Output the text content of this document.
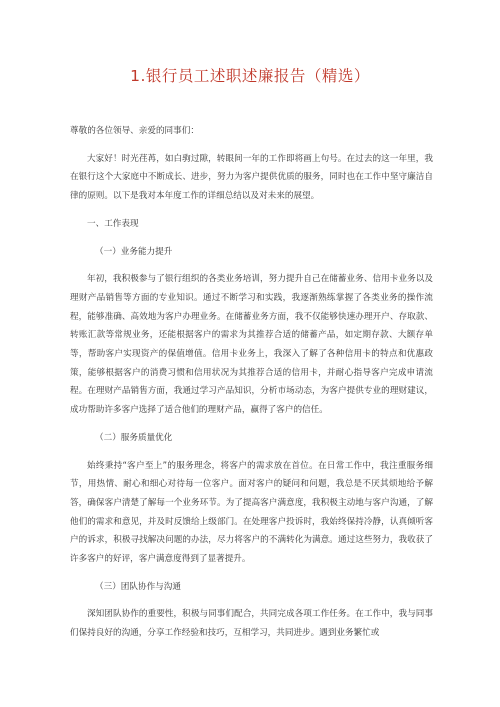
1.银行员工述职述廉报告（精选）

尊敬的各位领导、亲爱的同事们：

大家好！时光荏苒，如白驹过隙，转眼间一年的工作即将画上句号。在过去的这一年里，我在银行这个大家庭中不断成长、进步，努力为客户提供优质的服务，同时也在工作中坚守廉洁自律的原则。以下是我对本年度工作的详细总结以及对未来的展望。

一、工作表现

（一）业务能力提升

年初，我积极参与了银行组织的各类业务培训，努力提升自己在储蓄业务、信用卡业务以及理财产品销售等方面的专业知识。通过不断学习和实践，我逐渐熟练掌握了各类业务的操作流程，能够准确、高效地为客户办理业务。在储蓄业务方面，我不仅能够快速办理开户、存取款、转账汇款等常规业务，还能根据客户的需求为其推荐合适的储蓄产品，如定期存款、大额存单等，帮助客户实现资产的保值增值。信用卡业务上，我深入了解了各种信用卡的特点和优惠政策，能够根据客户的消费习惯和信用状况为其推荐合适的信用卡，并耐心指导客户完成申请流程。在理财产品销售方面，我通过学习产品知识，分析市场动态，为客户提供专业的理财建议，成功帮助许多客户选择了适合他们的理财产品，赢得了客户的信任。

（二）服务质量优化

始终秉持“客户至上”的服务理念，将客户的需求放在首位。在日常工作中，我注重服务细节，用热情、耐心和细心对待每一位客户。面对客户的疑问和问题，我总是不厌其烦地给予解答，确保客户清楚了解每一个业务环节。为了提高客户满意度，我积极主动地与客户沟通，了解他们的需求和意见，并及时反馈给上级部门。在处理客户投诉时，我始终保持冷静，认真倾听客户的诉求，积极寻找解决问题的办法，尽力将客户的不满转化为满意。通过这些努力，我收获了许多客户的好评，客户满意度得到了显著提升。

（三）团队协作与沟通

深知团队协作的重要性，积极与同事们配合，共同完成各项工作任务。在工作中，我与同事们保持良好的沟通，分享工作经验和技巧，互相学习，共同进步。遇到业务繁忙或
